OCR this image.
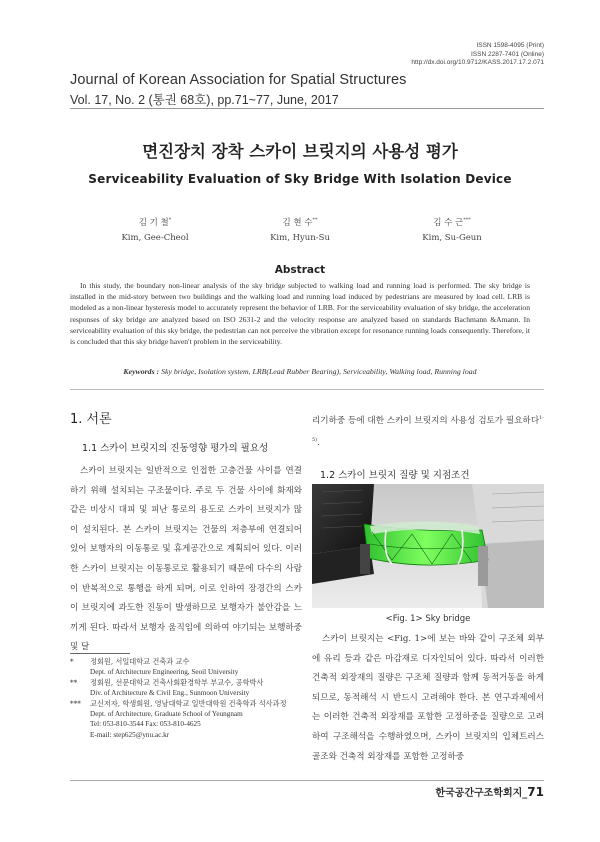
ISSN 1598-4095 (Print)
ISSN 2287-7401 (Online)
http://dx.doi.org/10.9712/KASS.2017.17.2.071
Journal of Korean Association for Spatial Structures
Vol. 17, No. 2 (통권 68호), pp.71~77, June, 2017
면진장치 장착 스카이 브릿지의 사용성 평가
Serviceability Evaluation of Sky Bridge With Isolation Device
김 기 철*
Kim, Gee-Cheol
김 현 수**
Kim, Hyun-Su
김 수 근***
Kim, Su-Geun
Abstract
In this study, the boundary non-linear analysis of the sky bridge subjected to walking load and running load is performed. The sky bridge is installed in the mid-story between two buildings and the walking load and running load induced by pedestrians are measured by load cell. LRB is modeled as a non-linear hysteresis model to accurately represent the behavior of LRB. For the serviceability evaluation of sky bridge, the acceleration responses of sky bridge are analyzed based on ISO 2631-2 and the velocity response are analyzed based on standards Bachmann &Amann. In serviceability evaluation of this sky bridge, the pedestrian can not perceive the vibration except for resonance running loads consequently. Therefore, it is concluded that this sky bridge haven't problem in the serviceability.
Keywords : Sky bridge, Isolation system, LRB(Lead Rubber Bearing), Serviceability, Walking load, Running load
1. 서론
1.1 스카이 브릿지의 진동영향 평가의 필요성
스카이 브릿지는 일반적으로 인접한 고층건물 사이를 연결하기 위해 설치되는 구조물이다. 주로 두 건물 사이에 화재와 같은 비상시 대피 및 피난 통로의 용도로 스카이 브릿지가 많이 설치된다. 본 스카이 브릿지는 건물의 저층부에 연결되어 있어 보행자의 이동통로 및 휴게공간으로 계획되어 있다. 이러한 스카이 브릿지는 이동통로로 활용되기 때문에 다수의 사람이 반복적으로 통행을 하게 되며, 이로 인하여 장경간의 스카이 브릿지에 과도한 진동이 발생하므로 보행자가 불안감을 느끼게 된다. 따라서 보행자 움직임에 의하여 야기되는 보행하중 및 달
*	정회원, 서일대학교 건축과 교수
Dept. of Architecture Engineering, Seoil University
**	정회원, 선문대학교 건축사회환경학부 부교수, 공학박사
Div. of Architecture & Civil Eng., Sunmoon University
***	교신저자, 학생회원, 영남대학교 일반대학원 건축학과 석사과정
Dept. of Architecture, Graduate School of Yeungnam
Tel: 053-810-3544 Fax: 053-810-4625
E-mail: step625@ynu.ac.kr
리기하중 등에 대한 스카이 브릿지의 사용성 검토가 필요하다$^{1-5)}$.
1.2 스카이 브릿지 질량 및 지점조건
<Fig. 1> Sky bridge
스카이 브릿지는 <Fig. 1>에 보는 바와 같이 구조체 외부에 유리 등과 같은 마감재로 디자인되어 있다. 따라서 이러한 건축적 외장재의 질량은 구조체 질량과 함께 동적거동을 하게 되므로, 동적해석 시 반드시 고려해야 한다. 본 연구과제에서는 이러한 건축적 외장재를 포함한 고정하중을 질량으로 고려하여 구조해석을 수행하였으며, 스카이 브릿지의 입체트러스 골조와 건축적 외장재를 포함한 고정하중
한국공간구조학회지_71
